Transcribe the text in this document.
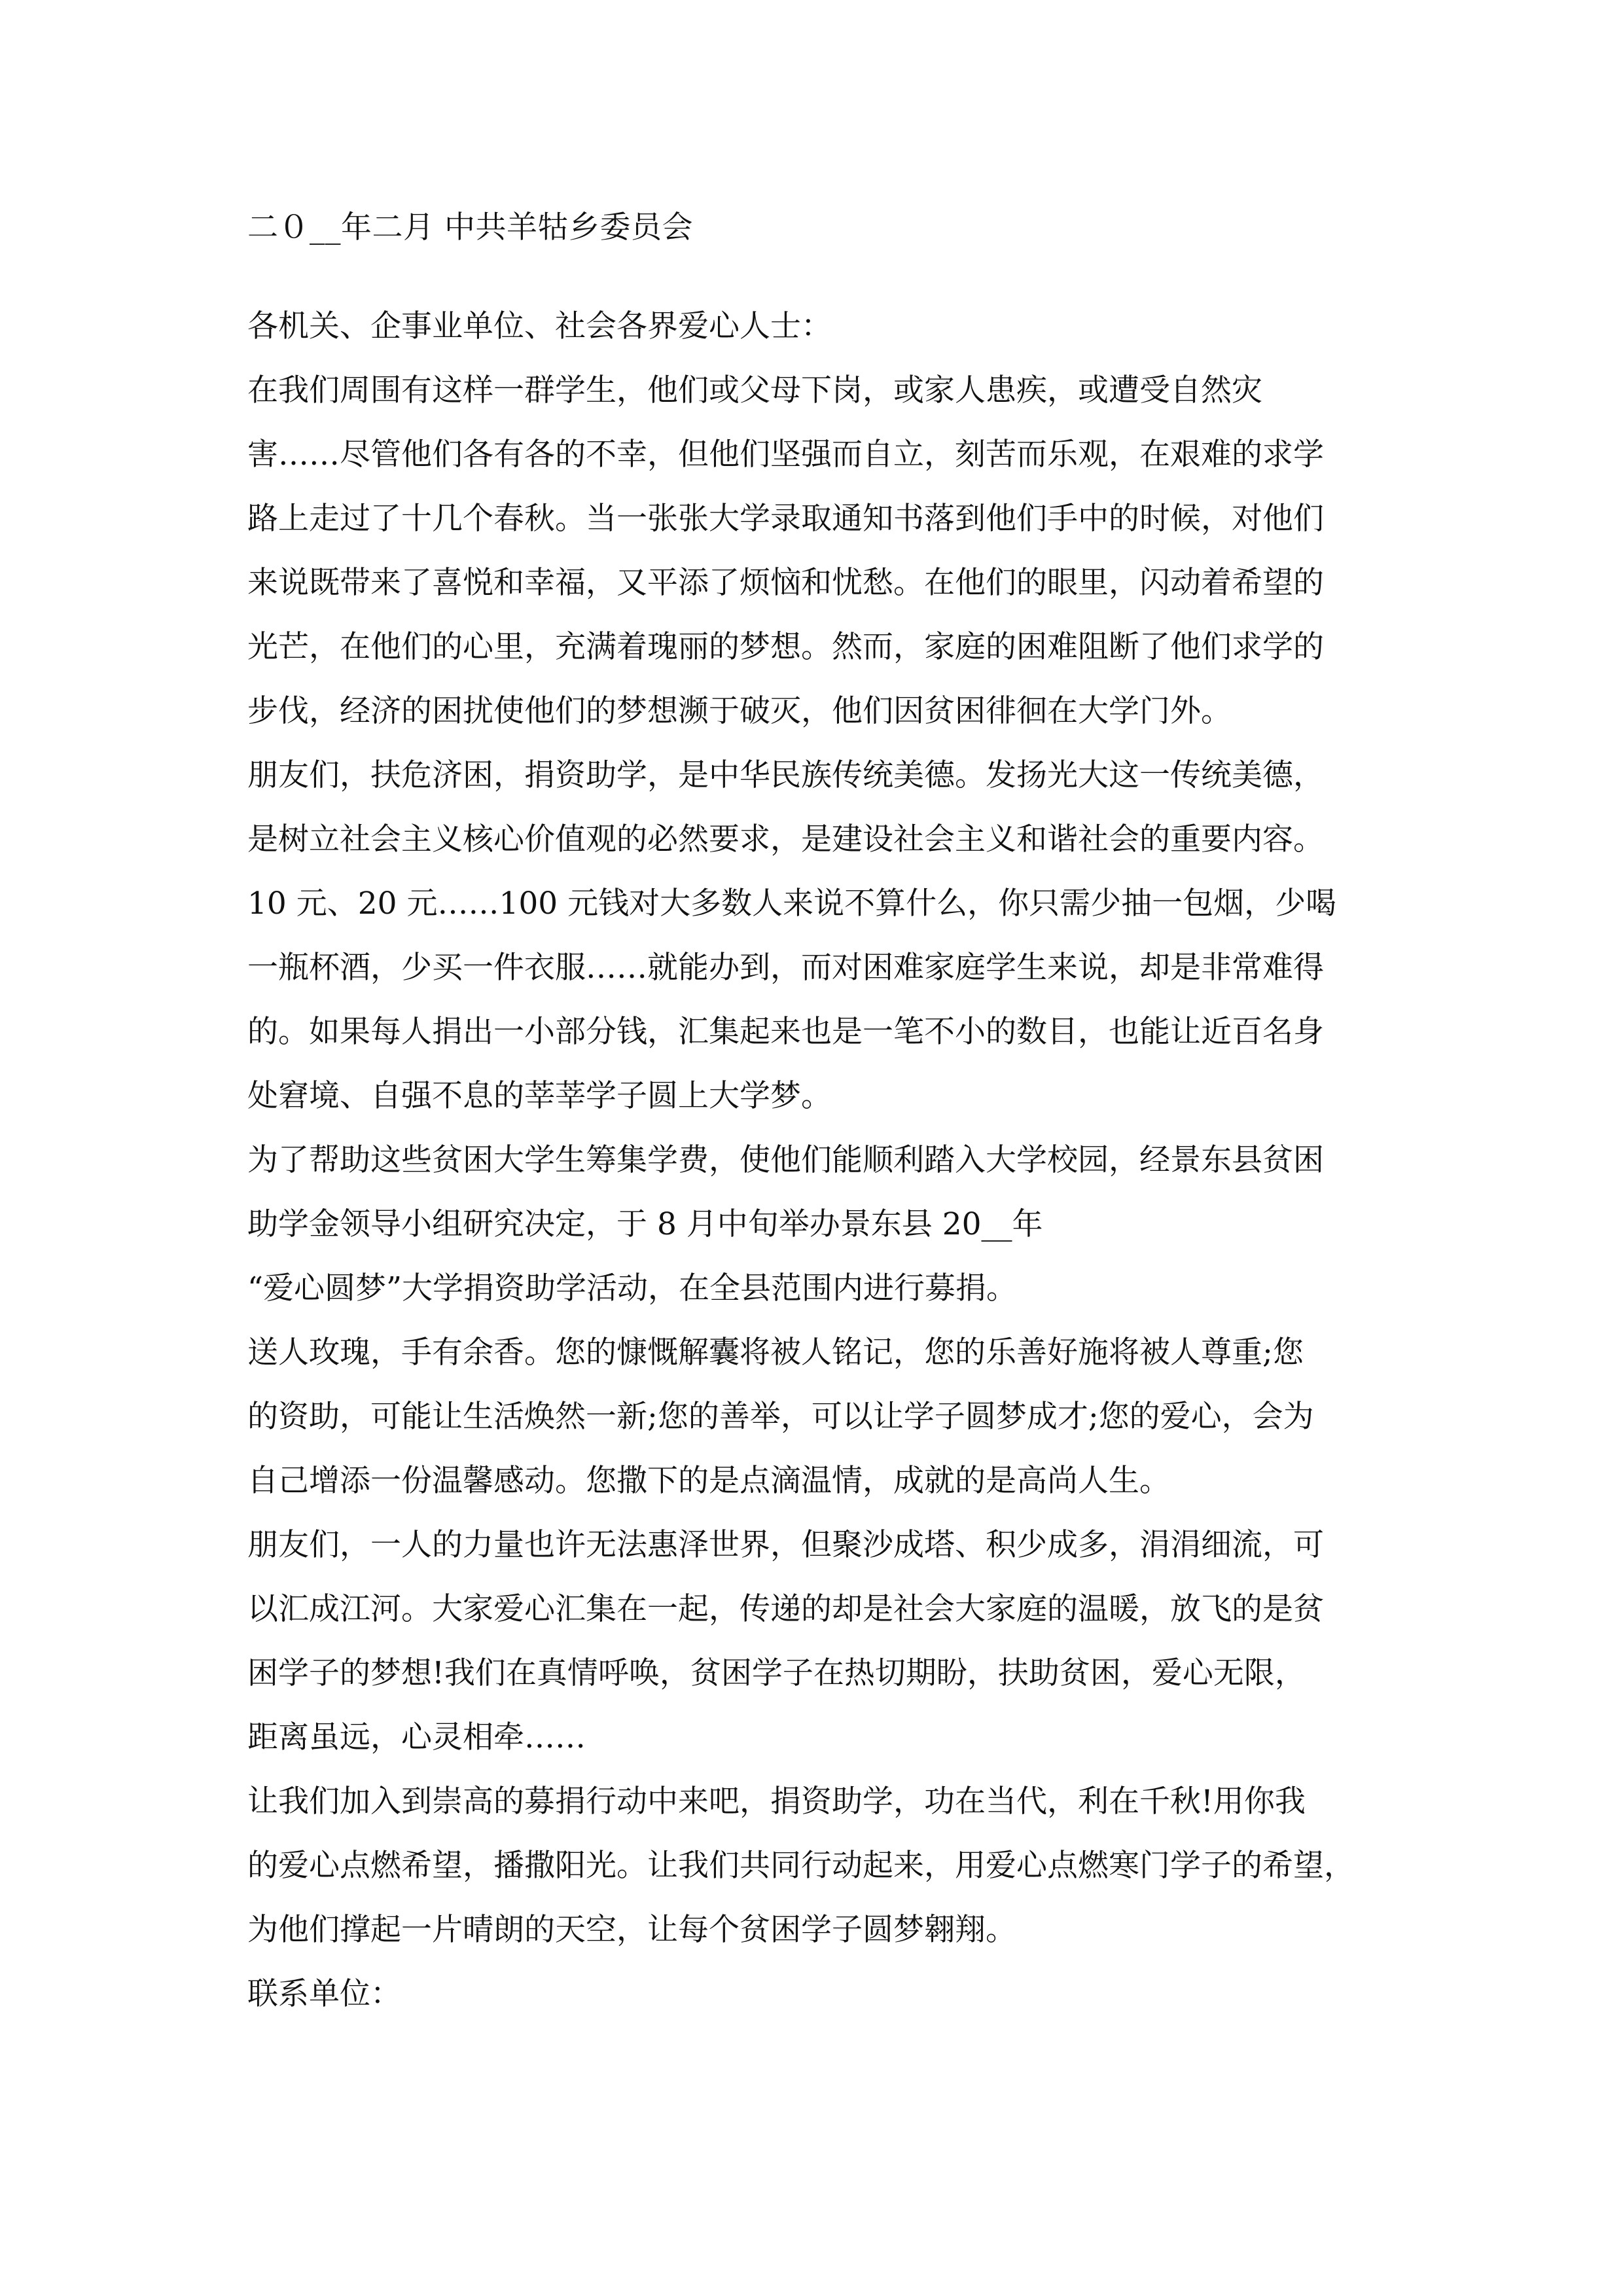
二０__年二月 中共羊牯乡委员会
各机关、企事业单位、社会各界爱心人士：
在我们周围有这样一群学生，他们或父母下岗，或家人患疾，或遭受自然灾
害……尽管他们各有各的不幸，但他们坚强而自立，刻苦而乐观，在艰难的求学
路上走过了十几个春秋。当一张张大学录取通知书落到他们手中的时候，对他们
来说既带来了喜悦和幸福，又平添了烦恼和忧愁。在他们的眼里，闪动着希望的
光芒，在他们的心里，充满着瑰丽的梦想。然而，家庭的困难阻断了他们求学的
步伐，经济的困扰使他们的梦想濒于破灭，他们因贫困徘徊在大学门外。
朋友们，扶危济困，捐资助学，是中华民族传统美德。发扬光大这一传统美德，
是树立社会主义核心价值观的必然要求，是建设社会主义和谐社会的重要内容。
10 元、20 元……100 元钱对大多数人来说不算什么，你只需少抽一包烟，少喝
一瓶杯酒，少买一件衣服……就能办到，而对困难家庭学生来说，却是非常难得
的。如果每人捐出一小部分钱，汇集起来也是一笔不小的数目，也能让近百名身
处窘境、自强不息的莘莘学子圆上大学梦。
为了帮助这些贫困大学生筹集学费，使他们能顺利踏入大学校园，经景东县贫困
助学金领导小组研究决定，于 8 月中旬举办景东县 20__年
“爱心圆梦”大学捐资助学活动，在全县范围内进行募捐。
送人玫瑰，手有余香。您的慷慨解囊将被人铭记，您的乐善好施将被人尊重;您
的资助，可能让生活焕然一新;您的善举，可以让学子圆梦成才;您的爱心，会为
自己增添一份温馨感动。您撒下的是点滴温情，成就的是高尚人生。
朋友们，一人的力量也许无法惠泽世界，但聚沙成塔、积少成多，涓涓细流，可
以汇成江河。大家爱心汇集在一起，传递的却是社会大家庭的温暖，放飞的是贫
困学子的梦想!我们在真情呼唤，贫困学子在热切期盼，扶助贫困，爱心无限，
距离虽远，心灵相牵……
让我们加入到崇高的募捐行动中来吧，捐资助学，功在当代，利在千秋!用你我
的爱心点燃希望，播撒阳光。让我们共同行动起来，用爱心点燃寒门学子的希望，
为他们撑起一片晴朗的天空，让每个贫困学子圆梦翱翔。
联系单位：
